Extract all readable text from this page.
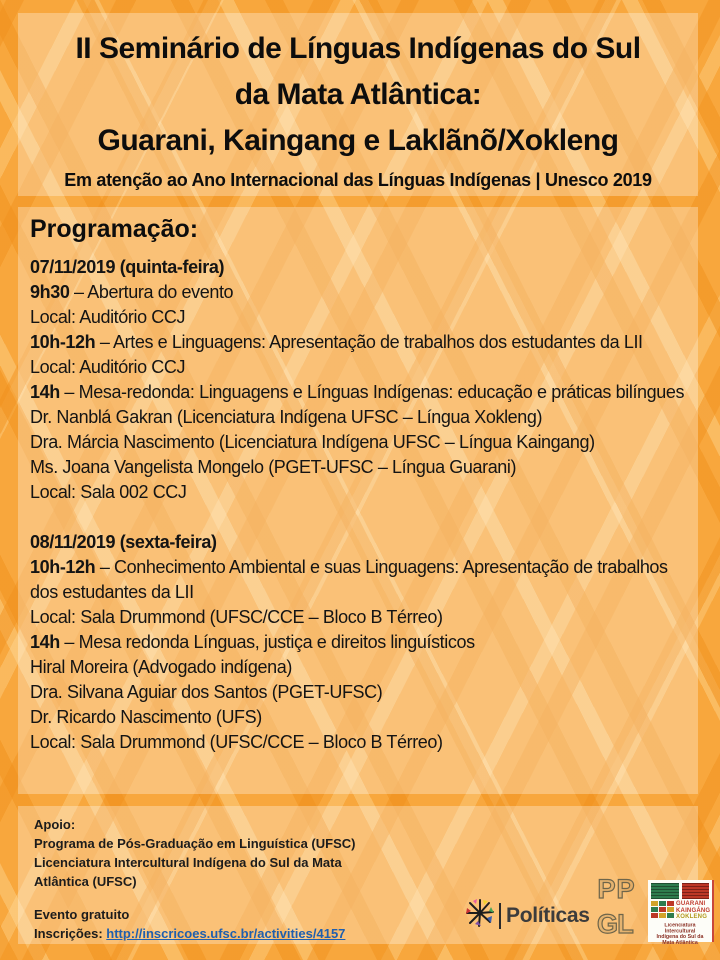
II Seminário de Línguas Indígenas do Sul
da Mata Atlântica:
Guarani, Kaingang e Laklãnõ/Xokleng
Em atenção ao Ano Internacional das Línguas Indígenas | Unesco 2019
Programação:
07/11/2019 (quinta-feira)
9h30 – Abertura do evento
Local: Auditório CCJ
10h-12h – Artes e Linguagens: Apresentação de trabalhos dos estudantes da LII
Local: Auditório CCJ
14h – Mesa-redonda: Linguagens e Línguas Indígenas: educação e práticas bilíngues
Dr. Nanblá Gakran (Licenciatura Indígena UFSC – Língua Xokleng)
Dra. Márcia Nascimento (Licenciatura Indígena UFSC – Língua Kaingang)
Ms. Joana Vangelista Mongelo (PGET-UFSC – Língua Guarani)
Local: Sala 002 CCJ
08/11/2019 (sexta-feira)
10h-12h – Conhecimento Ambiental e suas Linguagens: Apresentação de trabalhos dos estudantes da LII
Local: Sala Drummond (UFSC/CCE – Bloco B Térreo)
14h – Mesa redonda Línguas, justiça e direitos linguísticos
Hiral Moreira (Advogado indígena)
Dra. Silvana Aguiar dos Santos (PGET-UFSC)
Dr. Ricardo Nascimento (UFS)
Local: Sala Drummond (UFSC/CCE – Bloco B Térreo)
Apoio:
Programa de Pós-Graduação em Linguística (UFSC)
Licenciatura Intercultural Indígena do Sul da Mata
Atlântica (UFSC)
Evento gratuito
Inscrições: http://inscricoes.ufsc.br/activities/4157
Políticas
PP
GL
GUARANI
KAINGÁNG
XOKLENG
Licenciatura Intercultural Indígena do Sul da Mata Atlântica
